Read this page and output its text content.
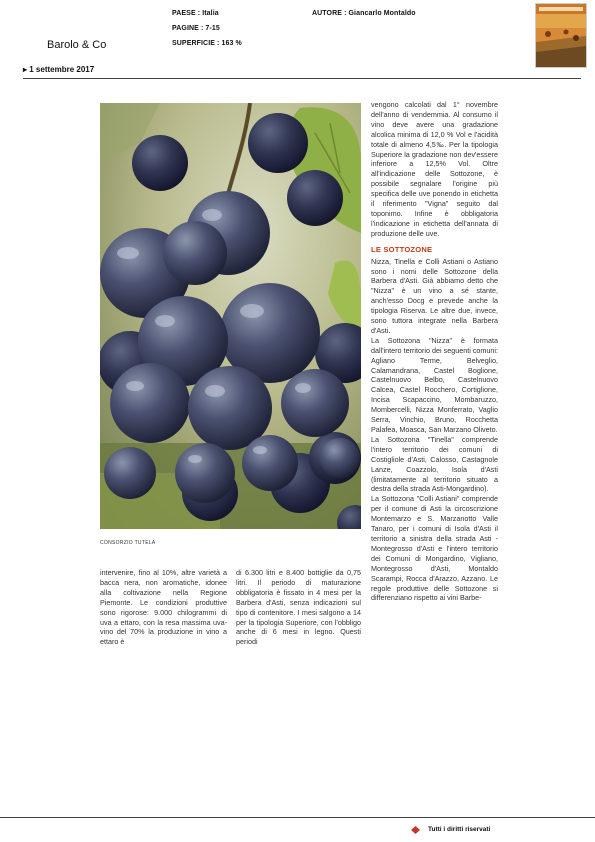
PAESE : Italia
PAGINE : 7-15
SUPERFICIE : 163 %
AUTORE : Giancarlo Montaldo
Barolo & Co
▸ 1 settembre 2017
CONSORZIO TUTELA

vengono calcolati dal 1° novembre dell'anno di vendemmia. Al consumo il vino deve avere una gradazione alcolica minima di 12,0 % Vol e l'acidità totale di almeno 4,5‰. Per la tipologia Superiore la gradazione non dev'essere inferiore a 12,5% Vol. Oltre all'indicazione delle Sottozone, è possibile segnalare l'origine più specifica delle uve ponendo in etichetta il riferimento "Vigna" seguito dal toponimo. Infine è obbligatoria l'indicazione in etichetta dell'annata di produzione delle uve.

LE SOTTOZONE

Nizza, Tinella e Colli Astiani o Astiano sono i nomi delle Sottozone della Barbera d'Asti. Già abbiamo detto che "Nizza" è un vino a sé stante, anch'esso Docg e prevede anche la tipologia Riserva. Le altre due, invece, sono tuttora integrate nella Barbera d'Asti.

La Sottozona "Nizza" è formata dall'intero territorio dei seguenti comuni: Agliano Terme, Belveglio, Calamandrana, Castel Boglione, Castelnuovo Belbo, Castelnuovo Calcea, Castel Rocchero, Cortiglione, Incisa Scapaccino, Mombaruzzo, Mombercelli, Nizza Monferrato, Vaglio Serra, Vinchio, Bruno, Rocchetta Palafea, Moasca, San Marzano Oliveto.

La Sottozona "Tinella" comprende l'intero territorio dei comuni di Costigliole d'Asti, Calosso, Castagnole Lanze, Coazzolo, Isola d'Asti (limitatamente al territorio situato a destra della strada Asti-Mongardino).

La Sottozona "Colli Astiani" comprende per il comune di Asti la circoscrizione Montemarzo e S. Marzanotto Valle Tanaro, per i comuni di Isola d'Asti il territorio a sinistra della strada Asti - Montegrosso d'Asti e l'intero territorio dei Comuni di Mongardino, Vigliano, Montegrosso d'Asti, Montaldo Scarampi, Rocca d'Arazzo, Azzano. Le regole produttive delle Sottozone si differenziano rispetto ai vini Barbe-

intervenire, fino al 10%, altre varietà a bacca nera, non aromatiche, idonee alla coltivazione nella Regione Piemonte. Le condizioni produttive sono rigorose: 9.000 chilogrammi di uva a ettaro, con la resa massima uva-vino del 70% la produzione in vino a ettaro è

di 6.300 litri e 8.400 bottiglie da 0,75 litri. Il periodo di maturazione obbligatoria è fissato in 4 mesi per la Barbera d'Asti, senza indicazioni sul tipo di contenitore. I mesi salgono a 14 per la tipologia Superiore, con l'obbligo anche di 6 mesi in legno. Questi periodi

Tutti i diritti riservati
